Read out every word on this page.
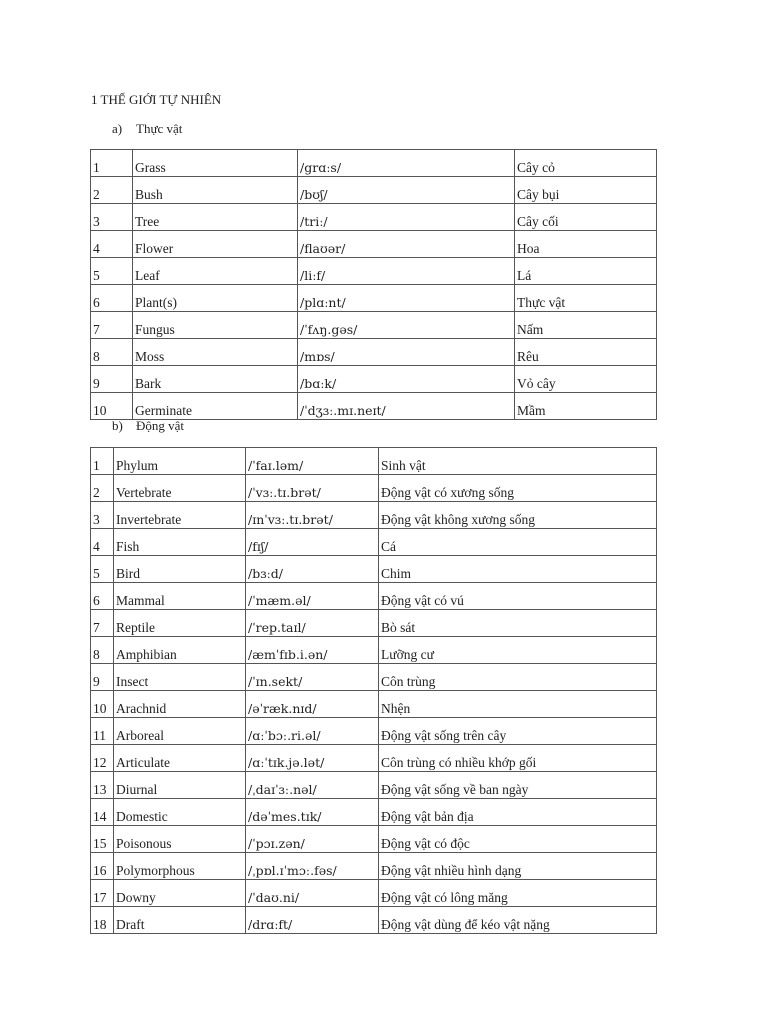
1 THẾ GIỚI TỰ NHIÊN
a) Thực vật
1	Grass	/grɑːs/	Cây cỏ
2	Bush	/bʊʃ/	Cây bụi
3	Tree	/triː/	Cây cối
4	Flower	/flaʊər/	Hoa
5	Leaf	/liːf/	Lá
6	Plant(s)	/plɑːnt/	Thực vật
7	Fungus	/ˈfʌŋ.gəs/	Nấm
8	Moss	/mɒs/	Rêu
9	Bark	/bɑːk/	Vỏ cây
10	Germinate	/ˈdʒɜː.mɪ.neɪt/	Mầm
b) Động vật
1	Phylum	/ˈfaɪ.ləm/	Sinh vật
2	Vertebrate	/ˈvɜː.tɪ.brət/	Động vật có xương sống
3	Invertebrate	/ɪnˈvɜː.tɪ.brət/	Động vật không xương sống
4	Fish	/fɪʃ/	Cá
5	Bird	/bɜːd/	Chim
6	Mammal	/ˈmæm.əl/	Động vật có vú
7	Reptile	/ˈrep.taɪl/	Bò sát
8	Amphibian	/æmˈfɪb.i.ən/	Lưỡng cư
9	Insect	/ˈɪn.sekt/	Côn trùng
10	Arachnid	/əˈræk.nɪd/	Nhện
11	Arboreal	/ɑːˈbɔː.ri.əl/	Động vật sống trên cây
12	Articulate	/ɑːˈtɪk.jə.lət/	Côn trùng có nhiều khớp gối
13	Diurnal	/ˌdaɪˈɜː.nəl/	Động vật sống về ban ngày
14	Domestic	/dəˈmes.tɪk/	Động vật bản địa
15	Poisonous	/ˈpɔɪ.zən/	Động vật có độc
16	Polymorphous	/ˌpɒl.ɪˈmɔː.fəs/	Động vật nhiều hình dạng
17	Downy	/ˈdaʊ.ni/	Động vật có lông măng
18	Draft	/drɑːft/	Động vật dùng để kéo vật nặng
